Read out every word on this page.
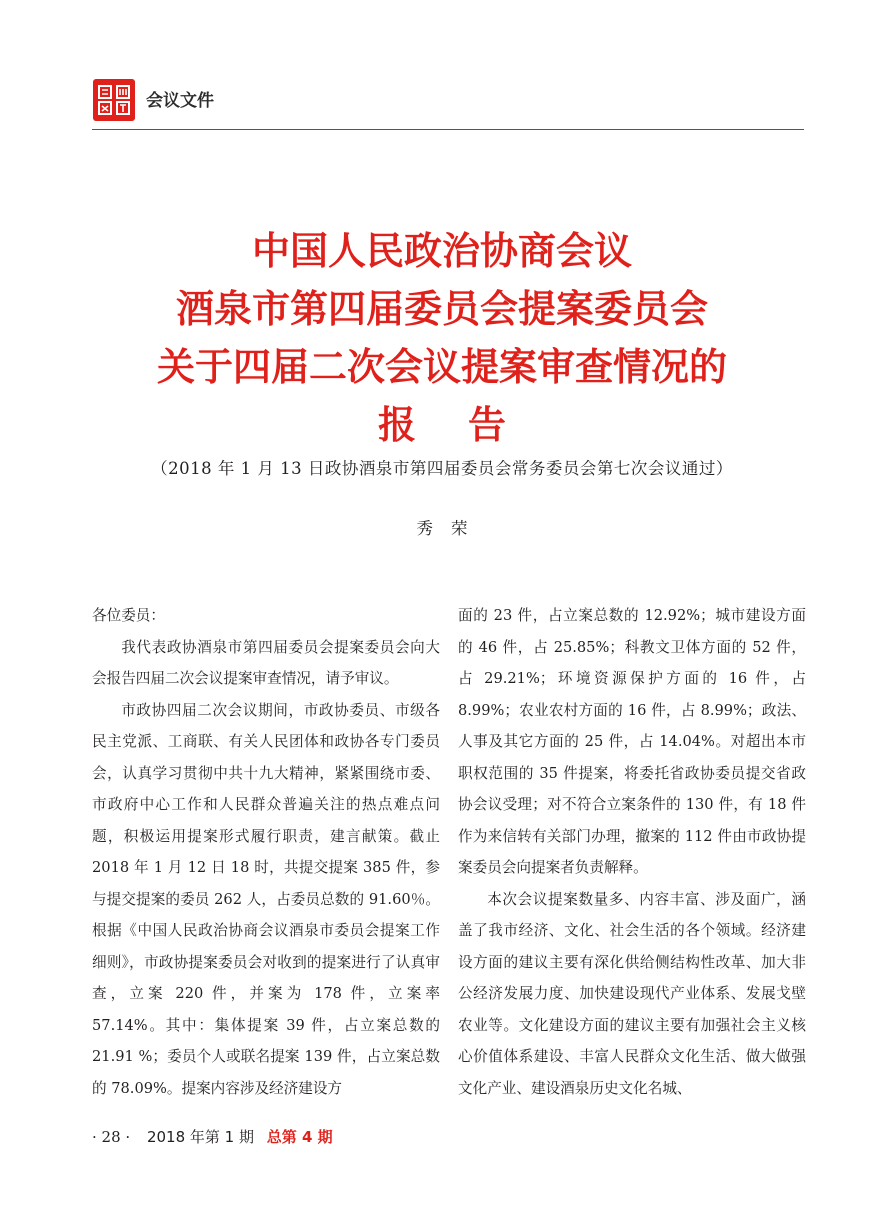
会议文件
中国人民政治协商会议
酒泉市第四届委员会提案委员会
关于四届二次会议提案审查情况的
报告
（2018 年 1 月 13 日政协酒泉市第四届委员会常务委员会第七次会议通过）
秀荣

各位委员：

我代表政协酒泉市第四届委员会提案委员会向大会报告四届二次会议提案审查情况，请予审议。

市政协四届二次会议期间，市政协委员、市级各民主党派、工商联、有关人民团体和政协各专门委员会，认真学习贯彻中共十九大精神，紧紧围绕市委、市政府中心工作和人民群众普遍关注的热点难点问题，积极运用提案形式履行职责，建言献策。截止 2018 年 1 月 12 日 18 时，共提交提案 385 件，参与提交提案的委员 262 人，占委员总数的 91.60％。根据《中国人民政治协商会议酒泉市委员会提案工作细则》，市政协提案委员会对收到的提案进行了认真审查，立案 220 件，并案为 178 件，立案率 57.14%。其中：集体提案 39 件，占立案总数的 21.91 %；委员个人或联名提案 139 件，占立案总数的 78.09%。提案内容涉及经济建设方

面的 23 件，占立案总数的 12.92%；城市建设方面的 46 件，占 25.85%；科教文卫体方面的 52 件，占 29.21%；环境资源保护方面的 16 件，占 8.99%；农业农村方面的 16 件，占 8.99%；政法、人事及其它方面的 25 件，占 14.04%。对超出本市职权范围的 35 件提案，将委托省政协委员提交省政协会议受理；对不符合立案条件的 130 件，有 18 件作为来信转有关部门办理，撤案的 112 件由市政协提案委员会向提案者负责解释。

本次会议提案数量多、内容丰富、涉及面广，涵盖了我市经济、文化、社会生活的各个领域。经济建设方面的建议主要有深化供给侧结构性改革、加大非公经济发展力度、加快建设现代产业体系、发展戈壁农业等。文化建设方面的建议主要有加强社会主义核心价值体系建设、丰富人民群众文化生活、做大做强文化产业、建设酒泉历史文化名城、

· 28 · 2018 年第 1 期 总第 4 期
